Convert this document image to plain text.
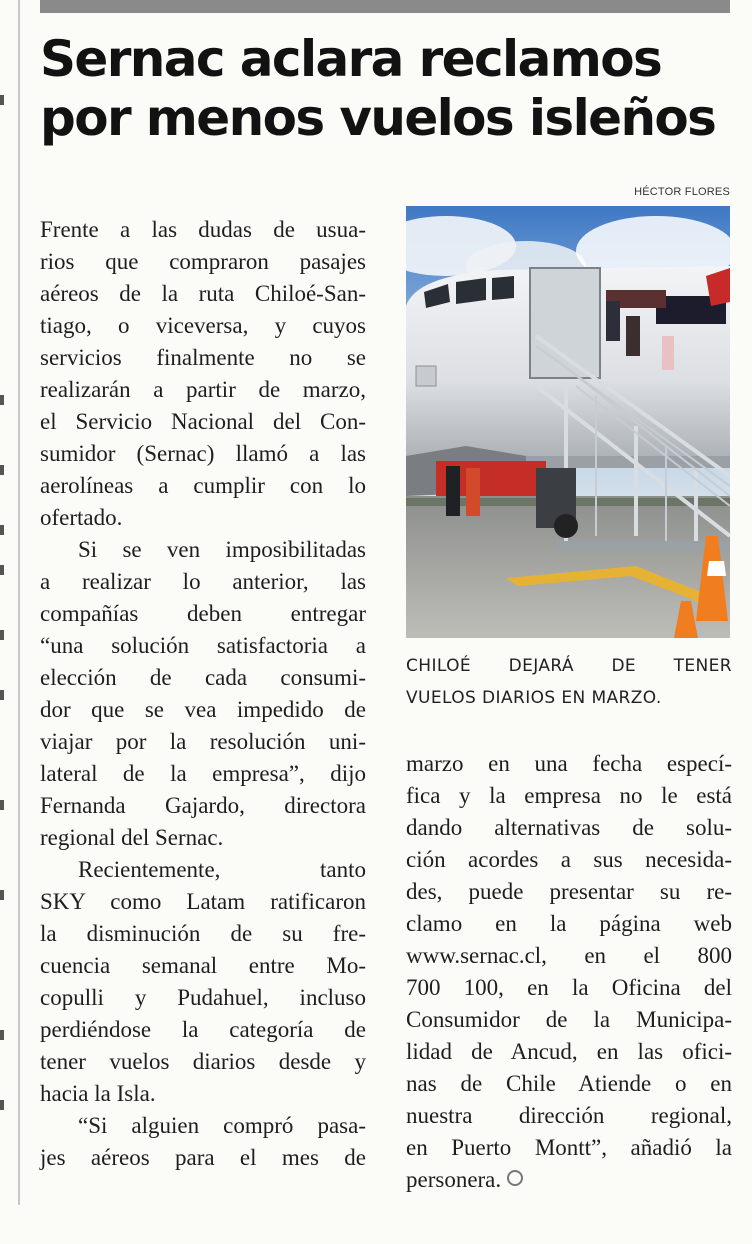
Sernac aclara reclamos
por menos vuelos isleños
HÉCTOR FLORES
Frente a las dudas de usua-
rios que compraron pasajes
aéreos de la ruta Chiloé-San-
tiago, o viceversa, y cuyos
servicios finalmente no se
realizarán a partir de marzo,
el Servicio Nacional del Con-
sumidor (Sernac) llamó a las
aerolíneas a cumplir con lo
ofertado.
Si se ven imposibilitadas
a realizar lo anterior, las
compañías deben entregar
“una solución satisfactoria a
elección de cada consumi-
dor que se vea impedido de
viajar por la resolución uni-
lateral de la empresa”, dijo
Fernanda Gajardo, directora
regional del Sernac.
Recientemente, tanto
SKY como Latam ratificaron
la disminución de su fre-
cuencia semanal entre Mo-
copulli y Pudahuel, incluso
perdiéndose la categoría de
tener vuelos diarios desde y
hacia la Isla.
“Si alguien compró pasa-
jes aéreos para el mes de
CHILOÉ DEJARÁ DE TENER
VUELOS DIARIOS EN MARZO.
marzo en una fecha especí-
fica y la empresa no le está
dando alternativas de solu-
ción acordes a sus necesida-
des, puede presentar su re-
clamo en la página web
www.sernac.cl, en el 800
700 100, en la Oficina del
Consumidor de la Municipa-
lidad de Ancud, en las ofici-
nas de Chile Atiende o en
nuestra dirección regional,
en Puerto Montt”, añadió la
personera.
